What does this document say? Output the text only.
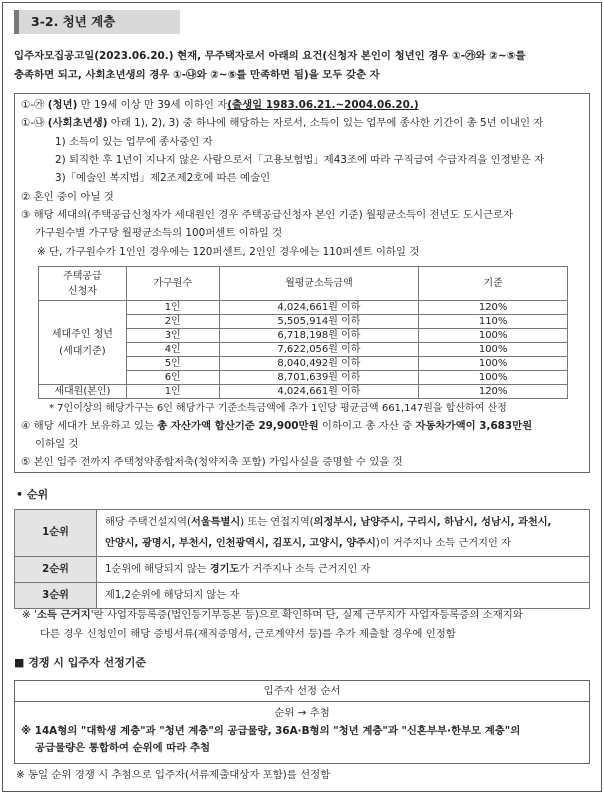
3-2. 청년 계층
입주자모집공고일(2023.06.20.) 현재, 무주택자로서 아래의 요건(신청자 본인이 청년인 경우 ①-㉮와 ②~⑤를
충족하면 되고, 사회초년생의 경우 ①-㉯와 ②~⑤를 만족하면 됨)을 모두 갖춘 자
①-㉮ (청년) 만 19세 이상 만 39세 이하인 자(출생일 1983.06.21.~2004.06.20.)
①-㉯ (사회초년생) 아래 1), 2), 3) 중 하나에 해당하는 자로서, 소득이 있는 업무에 종사한 기간이 총 5년 이내인 자
1) 소득이 있는 업무에 종사중인 자
2) 퇴직한 후 1년이 지나지 않은 사람으로서「고용보험법」제43조에 따라 구직급여 수급자격을 인정받은 자
3)「예술인 복지법」제2조제2호에 따른 예술인
② 혼인 중이 아닐 것
③ 해당 세대의(주택공급신청자가 세대원인 경우 주택공급신청자 본인 기준) 월평균소득이 전년도 도시근로자
가구원수별 가구당 월평균소득의 100퍼센트 이하일 것
※ 단, 가구원수가 1인인 경우에는 120퍼센트, 2인인 경우에는 110퍼센트 이하일 것
* 7인이상의 해당가구는 6인 해당가구 기준소득금액에 추가 1인당 평균금액 661,147원을 합산하여 산정
④ 해당 세대가 보유하고 있는 총 자산가액 합산기준 29,900만원 이하이고 총 자산 중 자동차가액이 3,683만원
이하일 것
⑤ 본인 입주 전까지 주택청약종합저축(청약저축 포함) 가입사실을 증명할 수 있을 것
주택공급
신청자	가구원수	월평균소득금액	기준
세대주인 청년
(세대기준)	1인	4,024,661원 이하	120%
	2인	5,505,914원 이하	110%
	3인	6,718,198원 이하	100%
	4인	7,622,056원 이하	100%
	5인	8,040,492원 이하	100%
	6인	8,701,639원 이하	100%
세대원(본인)	1인	4,024,661원 이하	120%
• 순위
1순위	해당 주택건설지역(서울특별시) 또는 연접지역(의정부시, 남양주시, 구리시, 하남시, 성남시, 과천시,
안양시, 광명시, 부천시, 인천광역시, 김포시, 고양시, 양주시)이 거주지나 소득 근거지인 자

2순위	1순위에 해당되지 않는 경기도가 거주지나 소득 근거지인 자
3순위	제1,2순위에 해당되지 않는 자
※ '소득 근거지'란 사업자등록증(법인등기부등본 등)으로 확인하며 단, 실제 근무지가 사업자등록증의 소재지와
다른 경우 신청인이 해당 증빙서류(재직증명서, 근로계약서 등)를 추가 제출할 경우에 인정함
■ 경쟁 시 입주자 선정기준
입주자 선정 순서
순위 → 추첨
※ 14A형의 "대학생 계층"과 "청년 계층"의 공급물량, 36A·B형의 "청년 계층"과 "신혼부부·한부모 계층"의
공급물량은 통합하여 순위에 따라 추첨
※ 동일 순위 경쟁 시 추첨으로 입주자(서류제출대상자 포함)를 선정함
